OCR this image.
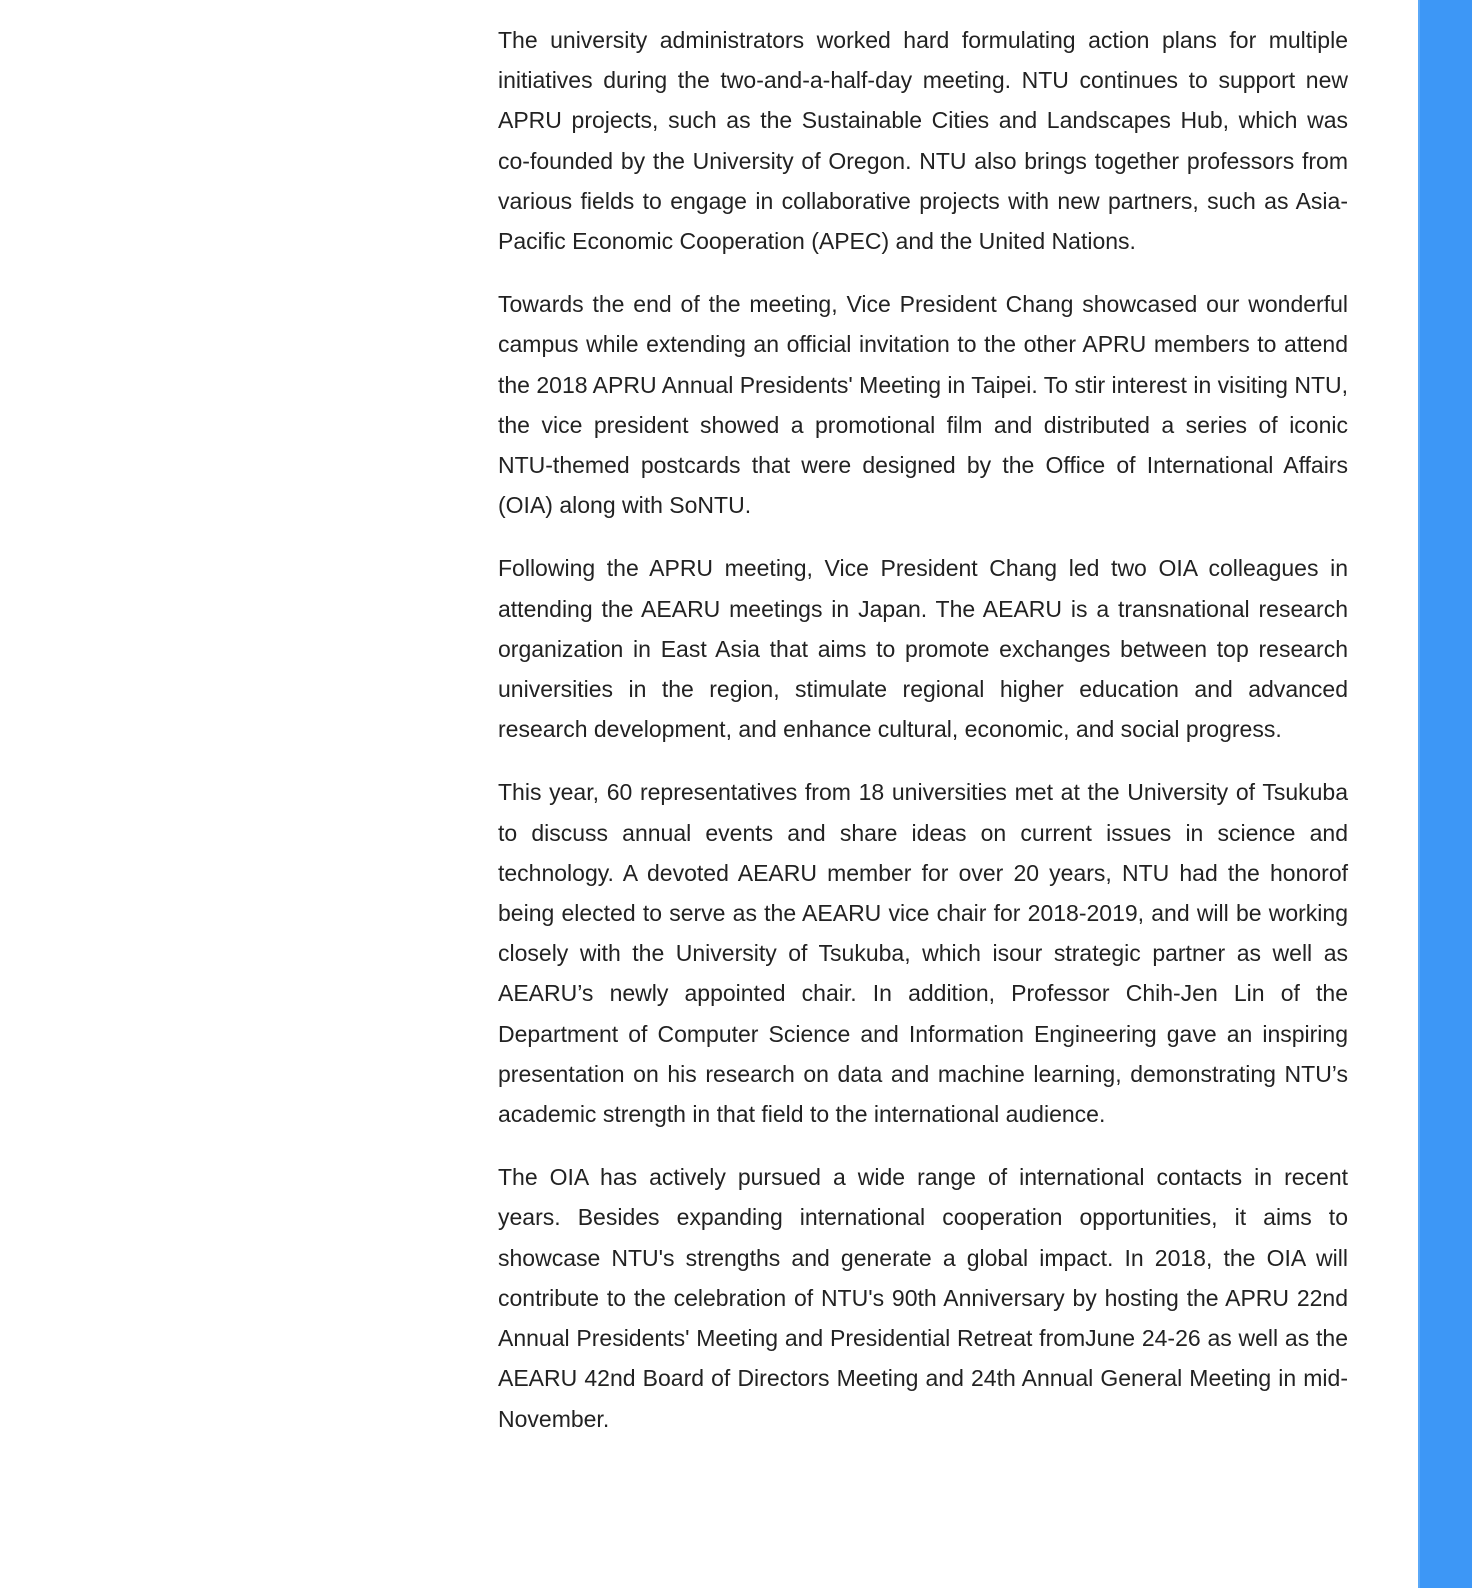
The university administrators worked hard formulating action plans for multiple initiatives during the two-and-a-half-day meeting. NTU continues to support new APRU projects, such as the Sustainable Cities and Landscapes Hub, which was co-founded by the University of Oregon. NTU also brings together professors from various fields to engage in collaborative projects with new partners, such as Asia-Pacific Economic Cooperation (APEC) and the United Nations.

Towards the end of the meeting, Vice President Chang showcased our wonderful campus while extending an official invitation to the other APRU members to attend the 2018 APRU Annual Presidents' Meeting in Taipei. To stir interest in visiting NTU, the vice president showed a promotional film and distributed a series of iconic NTU-themed postcards that were designed by the Office of International Affairs (OIA) along with SoNTU.

Following the APRU meeting, Vice President Chang led two OIA colleagues in attending the AEARU meetings in Japan. The AEARU is a transnational research organization in East Asia that aims to promote exchanges between top research universities in the region, stimulate regional higher education and advanced research development, and enhance cultural, economic, and social progress.

This year, 60 representatives from 18 universities met at the University of Tsukuba to discuss annual events and share ideas on current issues in science and technology. A devoted AEARU member for over 20 years, NTU had the honorof being elected to serve as the AEARU vice chair for 2018-2019, and will be working closely with the University of Tsukuba, which isour strategic partner as well as AEARU’s newly appointed chair. In addition, Professor Chih-Jen Lin of the Department of Computer Science and Information Engineering gave an inspiring presentation on his research on data and machine learning, demonstrating NTU’s academic strength in that field to the international audience.

The OIA has actively pursued a wide range of international contacts in recent years. Besides expanding international cooperation opportunities, it aims to showcase NTU's strengths and generate a global impact. In 2018, the OIA will contribute to the celebration of NTU's 90th Anniversary by hosting the APRU 22nd Annual Presidents' Meeting and Presidential Retreat fromJune 24-26 as well as the AEARU 42nd Board of Directors Meeting and 24th Annual General Meeting in mid-November.
